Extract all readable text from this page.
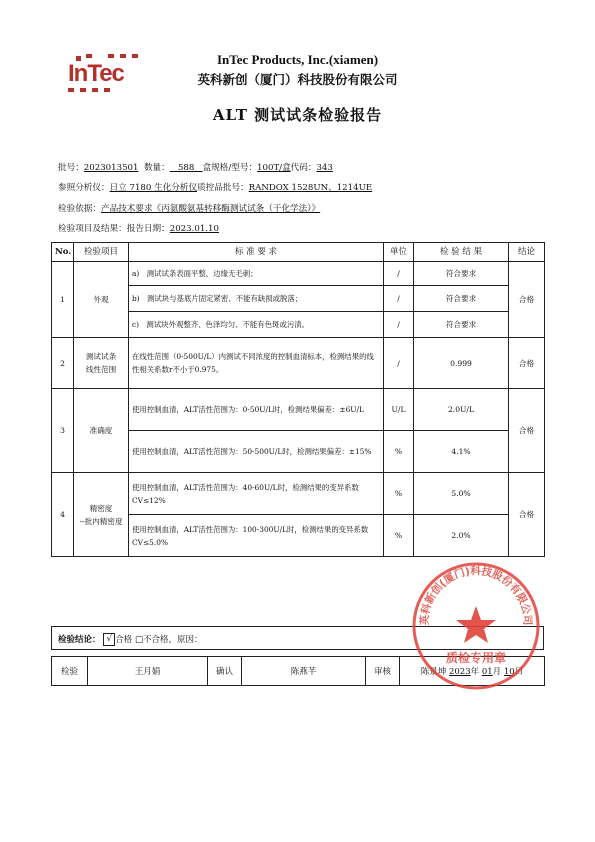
InTec
InTec Products, Inc.(xiamen)
英科新创（厦门）科技股份有限公司
ALT 测试试条检验报告
批号：2023013501 数量： 588 盒规格/型号：100T/盒代码：343
参照分析仪：日立 7180 生化分析仪质控品批号：RANDOX 1528UN、1214UE
检验依据：产品技术要求《丙氨酸氨基转移酶测试试条（干化学法）》
检验项目及结果：报告日期：2023.01.10
No.	检验项目	标 准 要 求	单位	检 验 结 果	结论
1	外观	a)　测试试条表面平整，边缘无毛刺；	/	符合要求	合格
		b)　测试块与基底片固定紧密、不能有缺损或脱落；	/	符合要求	
		c)　测试块外观整齐、色泽均匀、不能有色斑或污渍。	/	符合要求	
2	测试试条
线性范围	在线性范围（0-500U/L）内测试不同浓度的控制血清标本，检测结果的线性相关系数r不小于0.975。	/	0.999	合格
3	准确度	使用控制血清，ALT活性范围为：0-50U/L时，检测结果偏差：±6U/L	U/L	2.0U/L	合格
		使用控制血清，ALT活性范围为：50-500U/L时，检测结果偏差：±15%	%	4.1%	
4	精密度
--批内精密度	使用控制血清，ALT活性范围为：40-60U/L时，检测结果的变异系数CV≤12%	%	5.0%	合格
		使用控制血清，ALT活性范围为：100-300U/L时，检测结果的变异系数CV≤5.0%	%	2.0%	
检验结论： √ 合格 □不合格，原因：
检验	王月娟	确认	陈燕芊	审核	陈景坤 2023年 01月 10日
英科新创(厦门)科技股份有限公司
质检专用章
